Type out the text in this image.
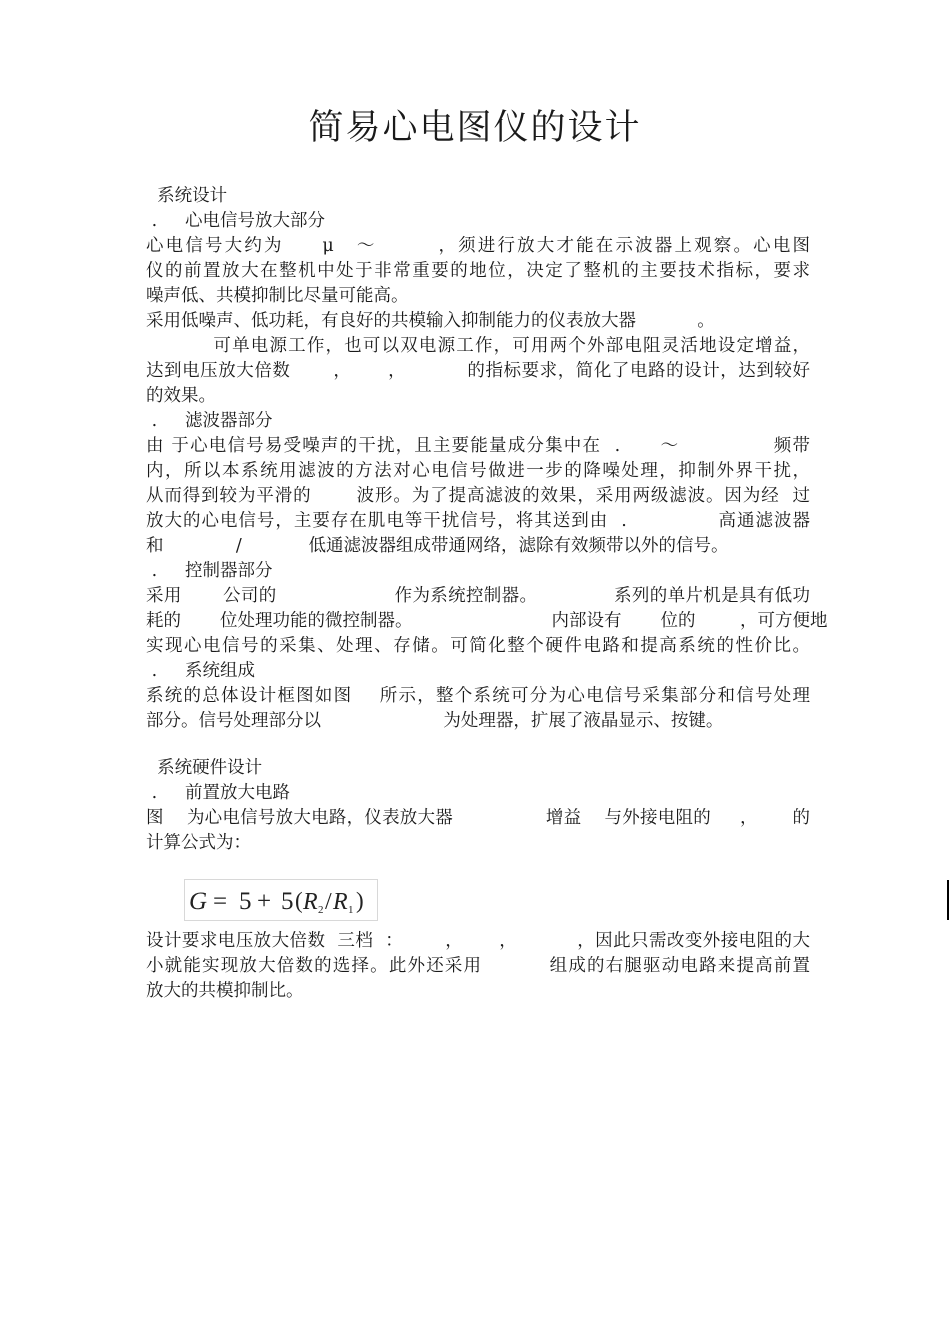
简易心电图仪的设计
系统设计
.     心电信号放大部分
心电信号大约为     μ   ～        ，须进行放大才能在示波器上观察。心电图
仪的前置放大在整机中处于非常重要的地位，决定了整机的主要技术指标，要求
噪声低、共模抑制比尽量可能高。
采用低噪声、低功耗，有良好的共模输入抑制能力的仪表放大器           。
可单电源工作，也可以双电源工作，可用两个外部电阻灵活地设定增益，
达到电压放大倍数       ，      ，          的指标要求，简化了电路的设计，达到较好
的效果。
.     滤波器部分
由 于心电信号易受噪声的干扰，且主要能量成分集中在  .      ～              频带
内，所以本系统用滤波的方法对心电信号做进一步的降噪处理，抑制外界干扰，
从而得到较为平滑的       波形。为了提高滤波的效果，采用两级滤波。因为经  过
放大的心电信号，主要存在肌电等干扰信号，将其送到由  .              高通滤波器
和             /            低通滤波器组成带通网络，滤除有效频带以外的信号。
.     控制器部分
采用       公司的                    作为系统控制器。             系列的单片机是具有低功
耗的       位处理功能的微控制器。                         内部设有       位的        ，可方便地
实现心电信号的采集、处理、存储。可简化整个硬件电路和提高系统的性价比。
.     系统组成
系统的总体设计框图如图    所示，整个系统可分为心电信号采集部分和信号处理
部分。信号处理部分以                      为处理器，扩展了液晶显示、按键。
系统硬件设计
.     前置放大电路
图    为心电信号放大电路，仪表放大器                增益    与外接电阻的     ，      的
计算公式为：
G = 5 + 5 ( R 2 / R 1 )
设计要求电压放大倍数  三档  ：       ，      ，          ，因此只需改变外接电阻的大
小就能实现放大倍数的选择。此外还采用          组成的右腿驱动电路来提高前置
放大的共模抑制比。
